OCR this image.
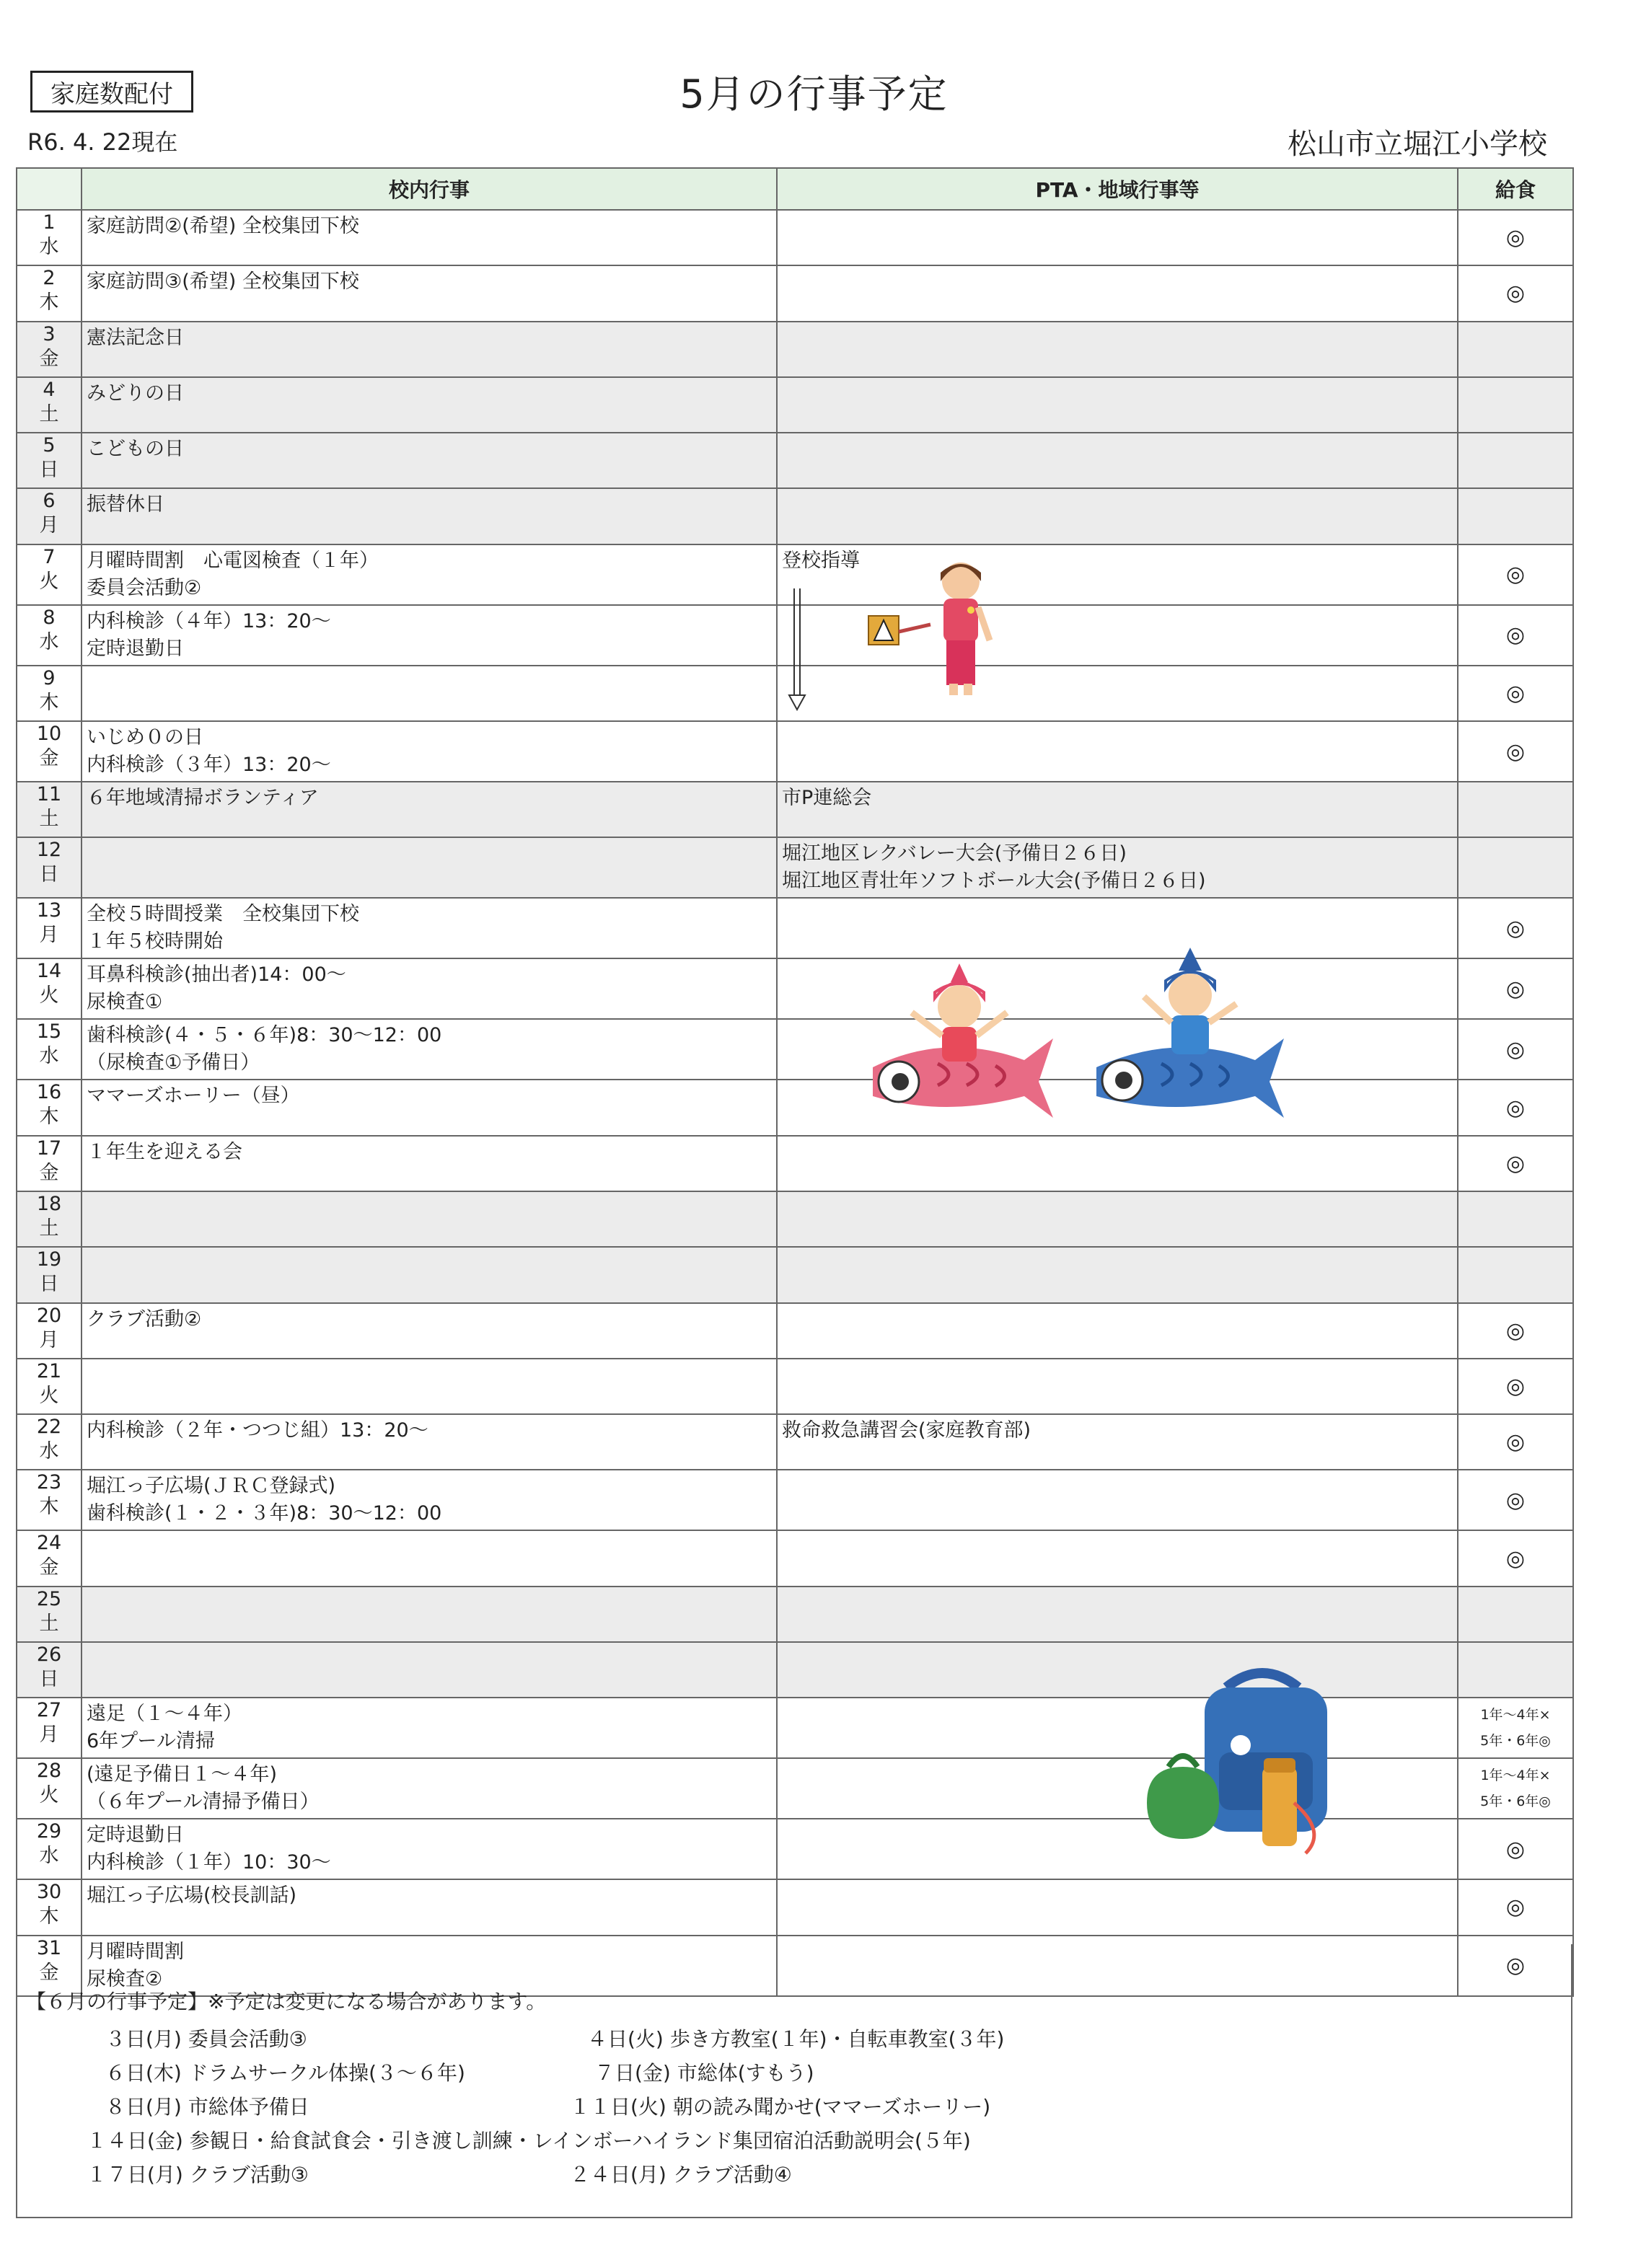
家庭数配付	5月の行事予定
R6. 4. 22現在	松山市立堀江小学校
	校内行事	PTA・地域行事等	給食

1
水	家庭訪問②(希望) 全校集団下校		◎

2
木	家庭訪問③(希望) 全校集団下校		◎

3
金	憲法記念日		

4
土	みどりの日		

5
日	こどもの日		

6
月	振替休日		

7
火	月曜時間割　心電図検査（１年）
委員会活動②	登校指導	◎

8
水	内科検診（４年）13：20～
定時退勤日		◎

9
木			◎

10
金	いじめ０の日
内科検診（３年）13：20～		◎

11
土	６年地域清掃ボランティア	市P連総会	

12
日		堀江地区レクバレー大会(予備日２６日)
堀江地区青壮年ソフトボール大会(予備日２６日)	

13
月	全校５時間授業　全校集団下校
１年５校時開始		◎

14
火	耳鼻科検診(抽出者)14：00～
尿検査①		◎

15
水	歯科検診(４・５・６年)8：30～12：00
（尿検査①予備日）		◎

16
木	ママーズホーリー（昼）		◎

17
金	１年生を迎える会		◎

18
土			

19
日			

20
月	クラブ活動②		◎

21
火			◎

22
水	内科検診（２年・つつじ組）13：20～	救命救急講習会(家庭教育部)	◎

23
木	堀江っ子広場(ＪＲＣ登録式)
歯科検診(１・２・３年)8：30～12：00		◎

24
金			◎

25
土			

26
日			

27
月	遠足（１～４年）
6年プール清掃		1年～4年×
5年・6年◎

28
火	(遠足予備日１～４年)
（６年プール清掃予備日）		1年～4年×
5年・6年◎

29
水	定時退勤日
内科検診（１年）10：30～		◎

30
木	堀江っ子広場(校長訓話)		◎

31
金	月曜時間割
尿検査②		◎
【６月の行事予定】※予定は変更になる場合があります。
３日(月) 委員会活動③	４日(火) 歩き方教室(１年)・自転車教室(３年)
６日(木) ドラムサークル体操(３～６年)	７日(金) 市総体(すもう)
８日(月) 市総体予備日	１１日(火) 朝の読み聞かせ(ママーズホーリー)
１４日(金) 参観日・給食試食会・引き渡し訓練・レインボーハイランド集団宿泊活動説明会(５年)
１７日(月) クラブ活動③	２４日(月) クラブ活動④
